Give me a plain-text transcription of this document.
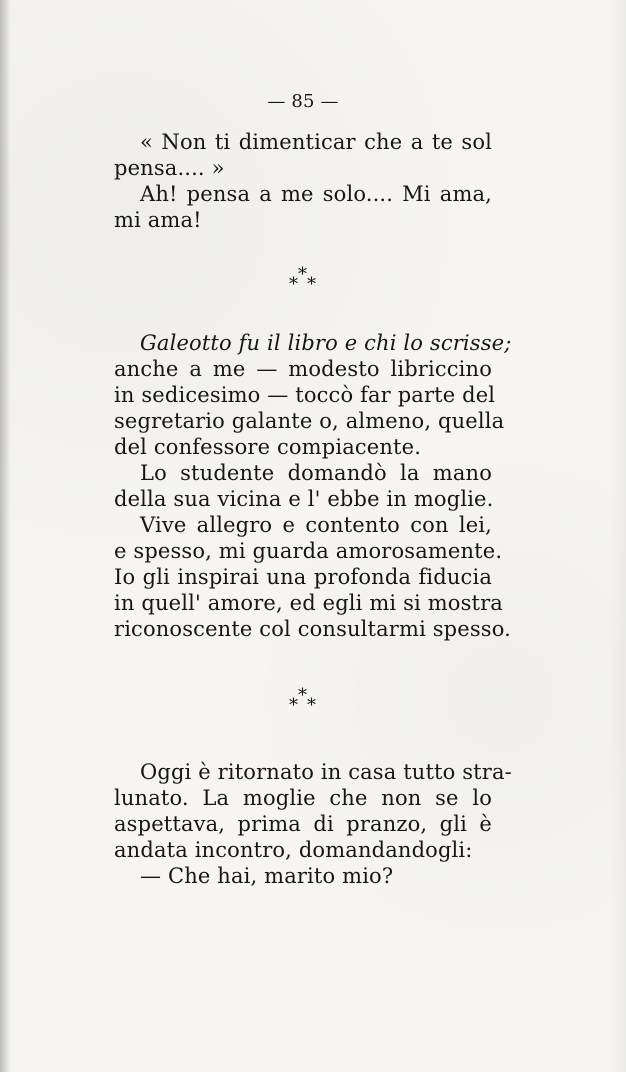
— 85 —
« Non ti dimenticar che a te sol
pensa.... »
Ah! pensa a me solo.... Mi ama,
mi ama!
*
* *
Galeotto fu il libro e chi lo scrisse;
anche a me — modesto libriccino
in sedicesimo — toccò far parte del
segretario galante o, almeno, quella
del confessore compiacente.
Lo studente domandò la mano
della sua vicina e l' ebbe in moglie.
Vive allegro e contento con lei,
e spesso, mi guarda amorosamente.
Io gli inspirai una profonda fiducia
in quell' amore, ed egli mi si mostra
riconoscente col consultarmi spesso.
*
* *
Oggi è ritornato in casa tutto stra-
lunato. La moglie che non se lo
aspettava, prima di pranzo, gli è
andata incontro, domandandogli:
— Che hai, marito mio?
